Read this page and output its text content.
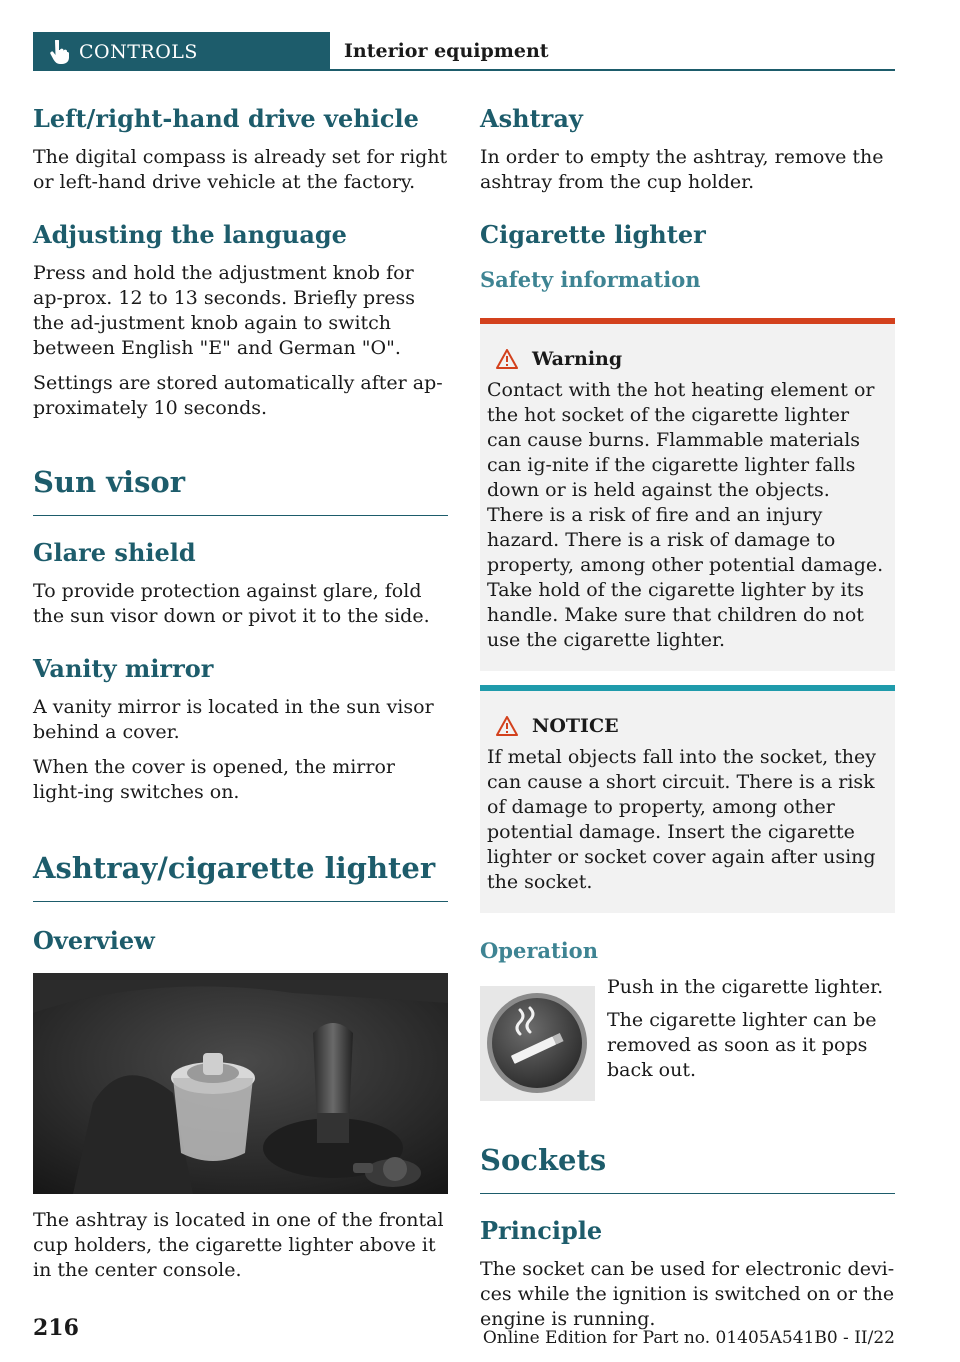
CONTROLS	Interior equipment
Left/right-hand drive vehicle
The digital compass is already set for right or left-hand drive vehicle at the factory.
Adjusting the language
Press and hold the adjustment knob for ap‐prox. 12 to 13 seconds. Briefly press the ad‐justment knob again to switch between English "E" and German "O".
Settings are stored automatically after ap‐proximately 10 seconds.
Sun visor
Glare shield
To provide protection against glare, fold the sun visor down or pivot it to the side.
Vanity mirror
A vanity mirror is located in the sun visor behind a cover.
When the cover is opened, the mirror light‐ing switches on.
Ashtray/cigarette lighter
Overview
The ashtray is located in one of the frontal cup holders, the cigarette lighter above it in the center console.
Ashtray
In order to empty the ashtray, remove the ashtray from the cup holder.
Cigarette lighter
Safety information
Warning
Contact with the hot heating element or the hot socket of the cigarette lighter can cause burns. Flammable materials can ig‐nite if the cigarette lighter falls down or is held against the objects. There is a risk of fire and an injury hazard. There is a risk of damage to property, among other potential damage. Take hold of the cigarette lighter by its handle. Make sure that children do not use the cigarette lighter.
NOTICE
If metal objects fall into the socket, they can cause a short circuit. There is a risk of damage to property, among other potential damage. Insert the cigarette lighter or socket cover again after using the socket.
Operation
Push in the cigarette lighter.
The cigarette lighter can be removed as soon as it pops back out.
Sockets
Principle
The socket can be used for electronic devi‐ces while the ignition is switched on or the engine is running.
216	Online Edition for Part no. 01405A541B0 - II/22
